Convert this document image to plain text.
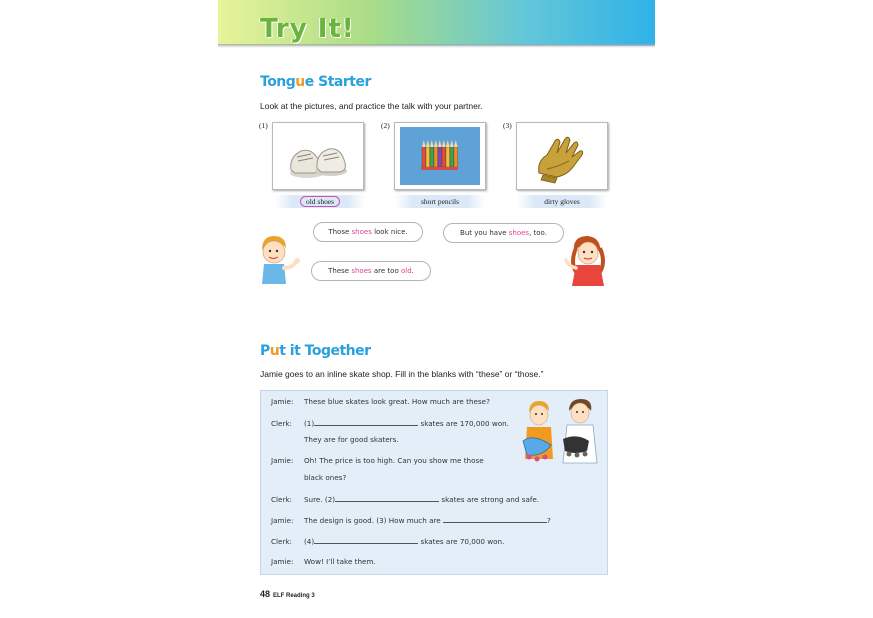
Try It!
Tongue Starter
Look at the pictures, and practice the talk with your partner.
(1)	(2)	(3)
old shoes	short pencils	dirty gloves
Those shoes look nice.	But you have shoes, too.
These shoes are too old.
Put it Together
Jamie goes to an inline skate shop. Fill in the blanks with “these” or “those.”
Jamie: These blue skates look great. How much are these?
Clerk: (1)	skates are 170,000 won.
They are for good skaters.
Jamie: Oh! The price is too high. Can you show me those
black ones?
Clerk: Sure. (2)	skates are strong and safe.
Jamie: The design is good. (3) How much are	?
Clerk: (4)	skates are 70,000 won.
Jamie: Wow! I’ll take them.
48 ELF Reading 3
